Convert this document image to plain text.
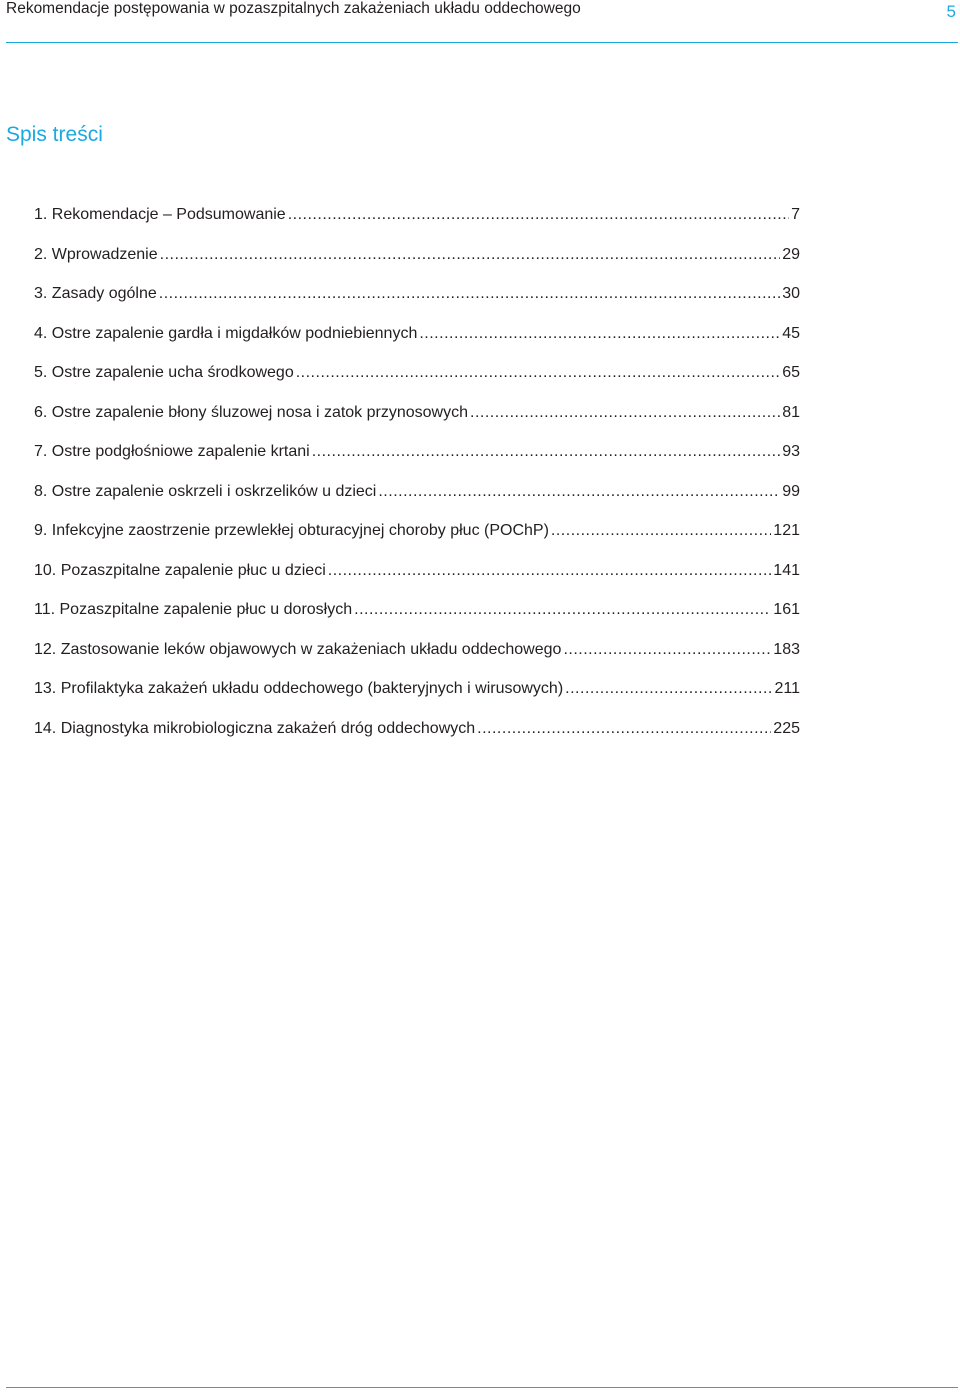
Rekomendacje postępowania w pozaszpitalnych zakażeniach układu oddechowego	5
Spis treści
1. Rekomendacje – Podsumowanie .....	7
2. Wprowadzenie .....	29
3. Zasady ogólne .....	30
4. Ostre zapalenie gardła i migdałków podniebiennych .....	45
5. Ostre zapalenie ucha środkowego .....	65
6. Ostre zapalenie błony śluzowej nosa i zatok przynosowych .....	81
7. Ostre podgłośniowe zapalenie krtani .....	93
8. Ostre zapalenie oskrzeli i oskrzelików u dzieci .....	99
9. Infekcyjne zaostrzenie przewlekłej obturacyjnej choroby płuc (POChP) .....	121
10. Pozaszpitalne zapalenie płuc u dzieci .....	141
11. Pozaszpitalne zapalenie płuc u dorosłych .....	161
12. Zastosowanie leków objawowych w zakażeniach układu oddechowego .....	183
13. Profilaktyka zakażeń układu oddechowego (bakteryjnych i wirusowych) .....	211
14. Diagnostyka mikrobiologiczna zakażeń dróg oddechowych .....	225
